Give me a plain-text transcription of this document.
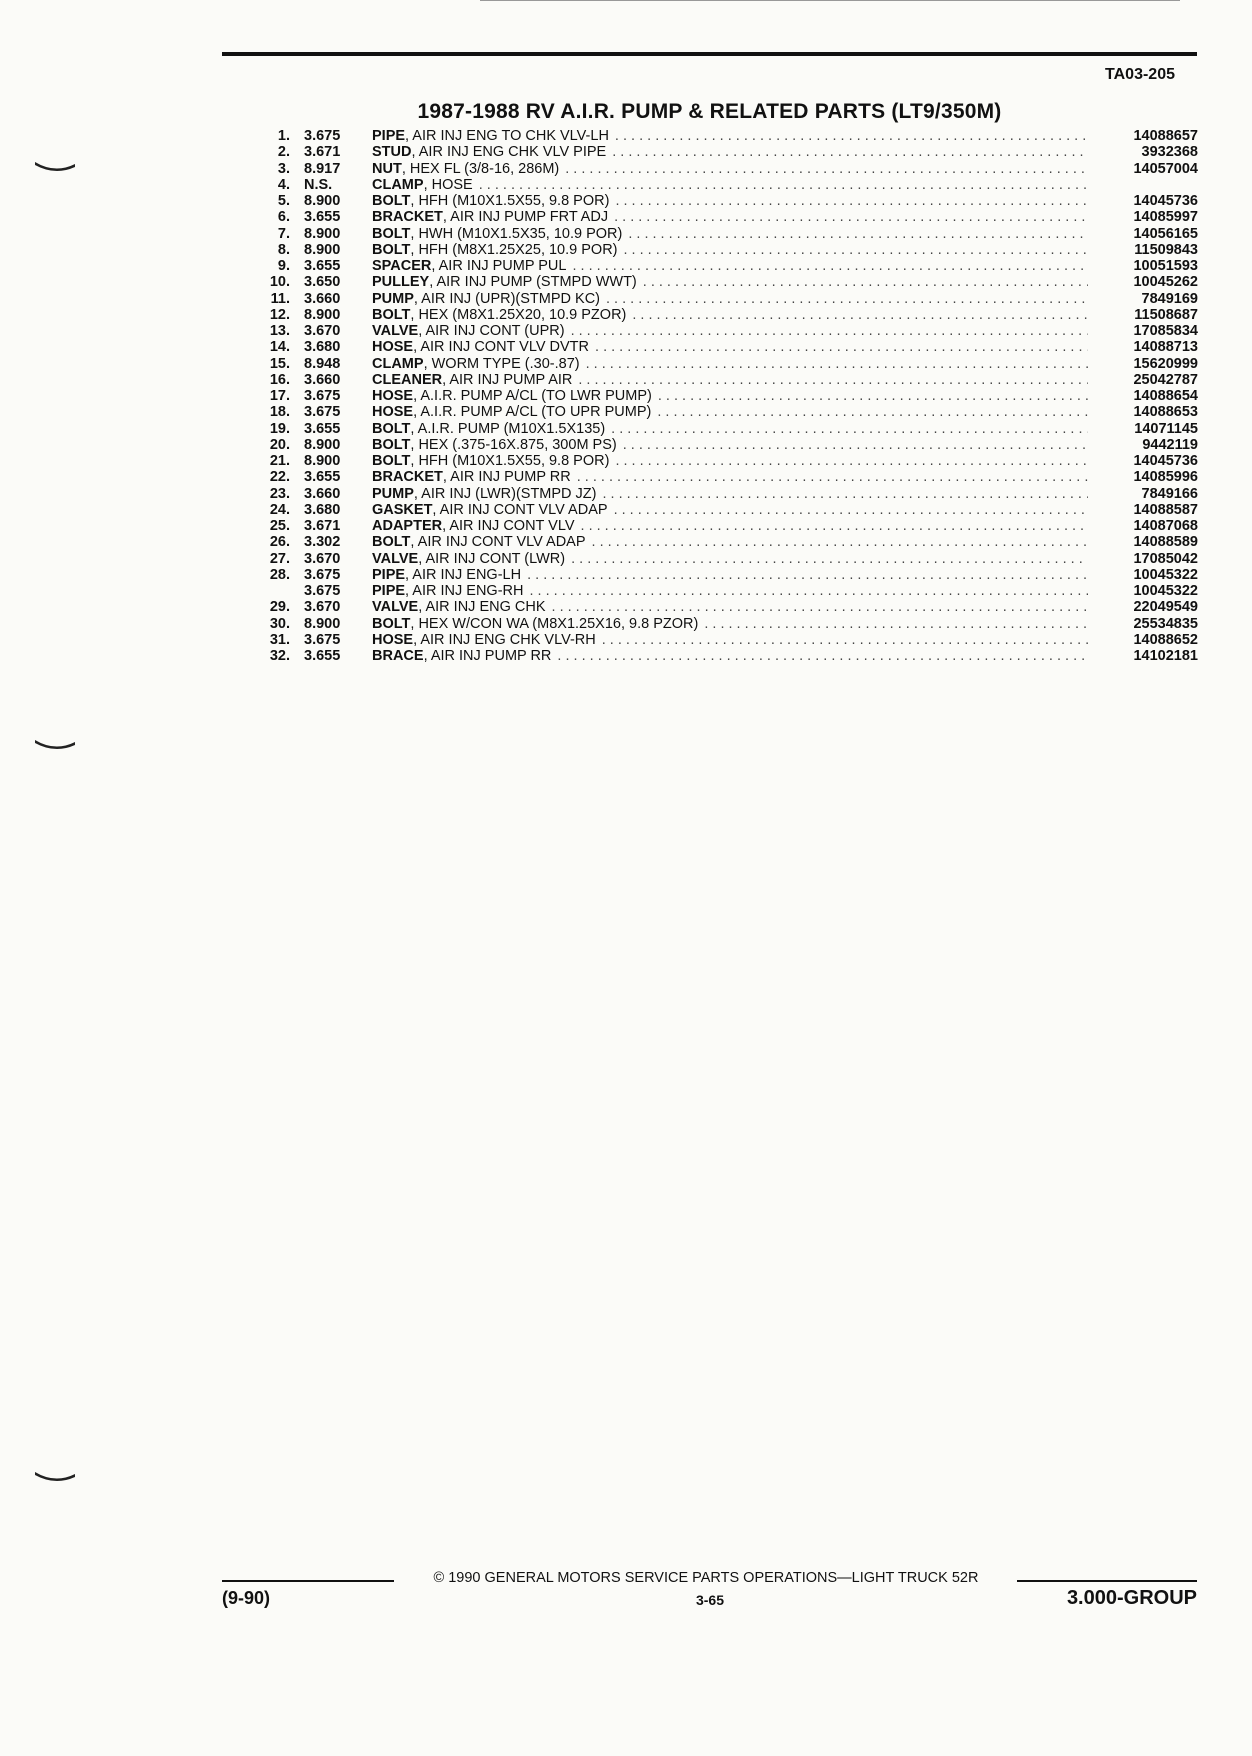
TA03-205
1987-1988 RV A.I.R. PUMP & RELATED PARTS (LT9/350M)
1. 3.675	PIPE , AIR INJ ENG TO CHK VLV-LH . . .	14088657
2. 3.671	STUD , AIR INJ ENG CHK VLV PIPE . . .	3932368
3. 8.917	NUT , HEX FL (3/8-16, 286M) . . .	14057004
4. N.S.	CLAMP , HOSE
. . .
5. 8.900	BOLT , HFH (M10X1.5X55, 9.8 POR) . . .	14045736
6. 3.655	BRACKET , AIR INJ PUMP FRT ADJ . . .	14085997
7. 8.900	BOLT , HWH (M10X1.5X35, 10.9 POR) . . .	14056165
8. 8.900	BOLT , HFH (M8X1.25X25, 10.9 POR) . . .	11509843
9. 3.655	SPACER , AIR INJ PUMP PUL . . .	10051593
10. 3.650	PULLEY , AIR INJ PUMP (STMPD WWT) . . .	10045262
11. 3.660	PUMP , AIR INJ (UPR)(STMPD KC) . . .	7849169
12. 8.900	BOLT , HEX (M8X1.25X20, 10.9 PZOR) . . .	11508687
13. 3.670	VALVE , AIR INJ CONT (UPR) . . .	17085834
14. 3.680	HOSE , AIR INJ CONT VLV DVTR . . .	14088713
15. 8.948	CLAMP , WORM TYPE (.30-.87) . . .	15620999
16. 3.660	CLEANER , AIR INJ PUMP AIR . . .	25042787
17. 3.675	HOSE , A.I.R. PUMP A/CL (TO LWR PUMP) . . .	14088654
18. 3.675	HOSE , A.I.R. PUMP A/CL (TO UPR PUMP) . . .	14088653
19. 3.655	BOLT , A.I.R. PUMP (M10X1.5X135) . . .	14071145
20. 8.900	BOLT , HEX (.375-16X.875, 300M PS) . . .	9442119
21. 8.900	BOLT , HFH (M10X1.5X55, 9.8 POR) . . .	14045736
22. 3.655	BRACKET , AIR INJ PUMP RR . . .	14085996
23. 3.660	PUMP , AIR INJ (LWR)(STMPD JZ) . . .	7849166
24. 3.680	GASKET , AIR INJ CONT VLV ADAP . . .	14088587
25. 3.671	ADAPTER , AIR INJ CONT VLV . . .	14087068
26. 3.302	BOLT , AIR INJ CONT VLV ADAP . . .	14088589
27. 3.670	VALVE , AIR INJ CONT (LWR) . . .	17085042
28. 3.675	PIPE , AIR INJ ENG-LH . . .	10045322
3.675	PIPE , AIR INJ ENG-RH . . .	10045322
29. 3.670	VALVE , AIR INJ ENG CHK . . .	22049549
30. 8.900	BOLT , HEX W/CON WA (M8X1.25X16, 9.8 PZOR) . . .	25534835
31. 3.675	HOSE , AIR INJ ENG CHK VLV-RH . . .	14088652
32. 3.655	BRACE , AIR INJ PUMP RR . . .	14102181
© 1990 GENERAL MOTORS SERVICE PARTS OPERATIONS—LIGHT TRUCK 52R
(9-90)	3-65	3.000-GROUP
